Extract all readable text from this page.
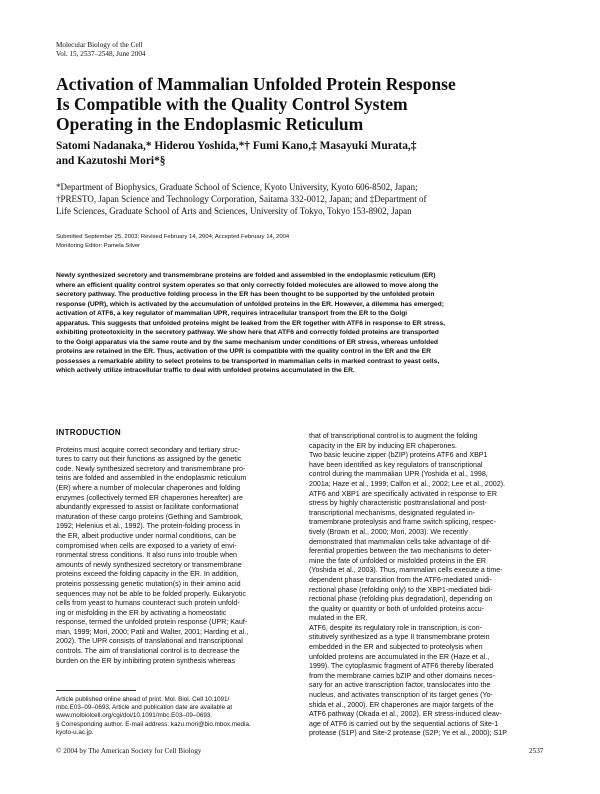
Molecular Biology of the Cell
Vol. 15, 2537–2548, June 2004
Activation of Mammalian Unfolded Protein Response
Is Compatible with the Quality Control System
Operating in the Endoplasmic Reticulum
Satomi Nadanaka,* Hiderou Yoshida,*† Fumi Kano,‡ Masayuki Murata,‡
and Kazutoshi Mori*§
*Department of Biophysics, Graduate School of Science, Kyoto University, Kyoto 606-8502, Japan;
†PRESTO, Japan Science and Technology Corporation, Saitama 332-0012, Japan; and ‡Department of
Life Sciences, Graduate School of Arts and Sciences, University of Tokyo, Tokyo 153-8902, Japan
Submitted September 25, 2003; Revised February 14, 2004; Accepted February 14, 2004
Monitoring Editor: Pamela Silver
Newly synthesized secretory and transmembrane proteins are folded and assembled in the endoplasmic reticulum (ER)
where an efficient quality control system operates so that only correctly folded molecules are allowed to move along the
secretory pathway. The productive folding process in the ER has been thought to be supported by the unfolded protein
response (UPR), which is activated by the accumulation of unfolded proteins in the ER. However, a dilemma has emerged;
activation of ATF6, a key regulator of mammalian UPR, requires intracellular transport from the ER to the Golgi
apparatus. This suggests that unfolded proteins might be leaked from the ER together with ATF6 in response to ER stress,
exhibiting proteotoxicity in the secretory pathway. We show here that ATF6 and correctly folded proteins are transported
to the Golgi apparatus via the same route and by the same mechanism under conditions of ER stress, whereas unfolded
proteins are retained in the ER. Thus, activation of the UPR is compatible with the quality control in the ER and the ER
possesses a remarkable ability to select proteins to be transported in mammalian cells in marked contrast to yeast cells,
which actively utilize intracellular traffic to deal with unfolded proteins accumulated in the ER.
INTRODUCTION
Proteins must acquire correct secondary and tertiary struc-
tures to carry out their functions as assigned by the genetic
code. Newly synthesized secretory and transmembrane pro-
teins are folded and assembled in the endoplasmic reticulum
(ER) where a number of molecular chaperones and folding
enzymes (collectively termed ER chaperones hereafter) are
abundantly expressed to assist or facilitate conformational
maturation of these cargo proteins (Gething and Sambrook,
1992; Helenius et al., 1992). The protein-folding process in
the ER, albeit productive under normal conditions, can be
compromised when cells are exposed to a variety of envi-
ronmental stress conditions. It also runs into trouble when
amounts of newly synthesized secretory or transmembrane
proteins exceed the folding capacity in the ER. In addition,
proteins possessing genetic mutation(s) in their amino acid
sequences may not be able to be folded properly. Eukaryotic
cells from yeast to humans counteract such protein unfold-
ing or misfolding in the ER by activating a homeostatic
response, termed the unfolded protein response (UPR; Kauf-
man, 1999; Mori, 2000; Patil and Walter, 2001; Harding et al.,
2002). The UPR consists of translational and transcriptional
controls. The aim of translational control is to decrease the
burden on the ER by inhibiting protein synthesis whereas
Article published online ahead of print. Mol. Biol. Cell 10.1091/
mbc.E03–09–0693. Article and publication date are available at
www.molbiolcell.org/cgi/doi/10.1091/mbc.E03–09–0693.
§ Corresponding author. E-mail address: kazu.mori@bio.mbox.media.
kyoto-u.ac.jp.
that of transcriptional control is to augment the folding
capacity in the ER by inducing ER chaperones.
Two basic leucine zipper (bZIP) proteins ATF6 and XBP1
have been identified as key regulators of transcriptional
control during the mammalian UPR (Yoshida et al., 1998,
2001a; Haze et al., 1999; Calfon et al., 2002; Lee et al., 2002).
ATF6 and XBP1 are specifically activated in response to ER
stress by highly characteristic posttranslational and post-
transcriptional mechanisms, designated regulated in-
tramembrane proteolysis and frame switch splicing, respec-
tively (Brown et al., 2000; Mori, 2003). We recently
demonstrated that mammalian cells take advantage of dif-
ferential properties between the two mechanisms to deter-
mine the fate of unfolded or misfolded proteins in the ER
(Yoshida et al., 2003). Thus, mammalian cells execute a time-
dependent phase transition from the ATF6-mediated unidi-
rectional phase (refolding only) to the XBP1-mediated bidi-
rectional phase (refolding plus degradation), depending on
the quality or quantity or both of unfolded proteins accu-
mulated in the ER.
ATF6, despite its regulatory role in transcription, is con-
stitutively synthesized as a type II transmembrane protein
embedded in the ER and subjected to proteolysis when
unfolded proteins are accumulated in the ER (Haze et al.,
1999). The cytoplasmic fragment of ATF6 thereby liberated
from the membrane carries bZIP and other domains neces-
sary for an active transcription factor, translocates into the
nucleus, and activates transcription of its target genes (Yo-
shida et al., 2000). ER chaperones are major targets of the
ATF6 pathway (Okada et al., 2002). ER stress-induced cleav-
age of ATF6 is carried out by the sequential actions of Site-1
protease (S1P) and Site-2 protease (S2P; Ye et al., 2000); S1P
© 2004 by The American Society for Cell Biology	2537
